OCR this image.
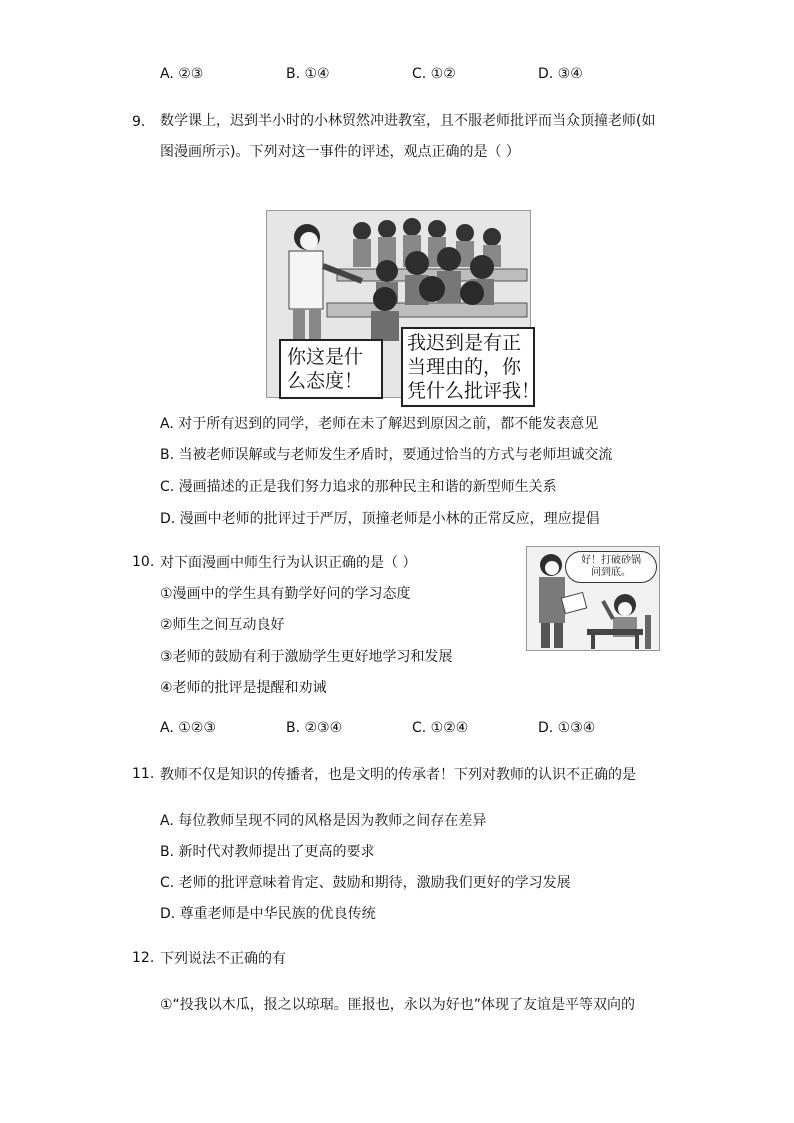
A. ②③	B. ①④	C. ①②	D. ③④
9. 数学课上，迟到半小时的小林贸然冲进教室，且不服老师批评而当众顶撞老师(如
图漫画所示)。下列对这一事件的评述，观点正确的是（ ）
你这是什
么态度！
我迟到是有正
当理由的，你
凭什么批评我！
A. 对于所有迟到的同学，老师在未了解迟到原因之前，都不能发表意见
B. 当被老师误解或与老师发生矛盾时，要通过恰当的方式与老师坦诚交流
C. 漫画描述的正是我们努力追求的那种民主和谐的新型师生关系
D. 漫画中老师的批评过于严厉，顶撞老师是小林的正常反应，理应提倡
10. 对下面漫画中师生行为认识正确的是（ ）
①漫画中的学生具有勤学好问的学习态度
②师生之间互动良好
③老师的鼓励有利于激励学生更好地学习和发展
④老师的批评是提醒和劝诫
好！打破砂锅
问到底。
A. ①②③	B. ②③④	C. ①②④	D. ①③④
11. 教师不仅是知识的传播者，也是文明的传承者！下列对教师的认识不正确的是
A. 每位教师呈现不同的风格是因为教师之间存在差异
B. 新时代对教师提出了更高的要求
C. 老师的批评意味着肯定、鼓励和期待，激励我们更好的学习发展
D. 尊重老师是中华民族的优良传统
12. 下列说法不正确的有
①“投我以木瓜，报之以琼琚。匪报也，永以为好也”体现了友谊是平等双向的
